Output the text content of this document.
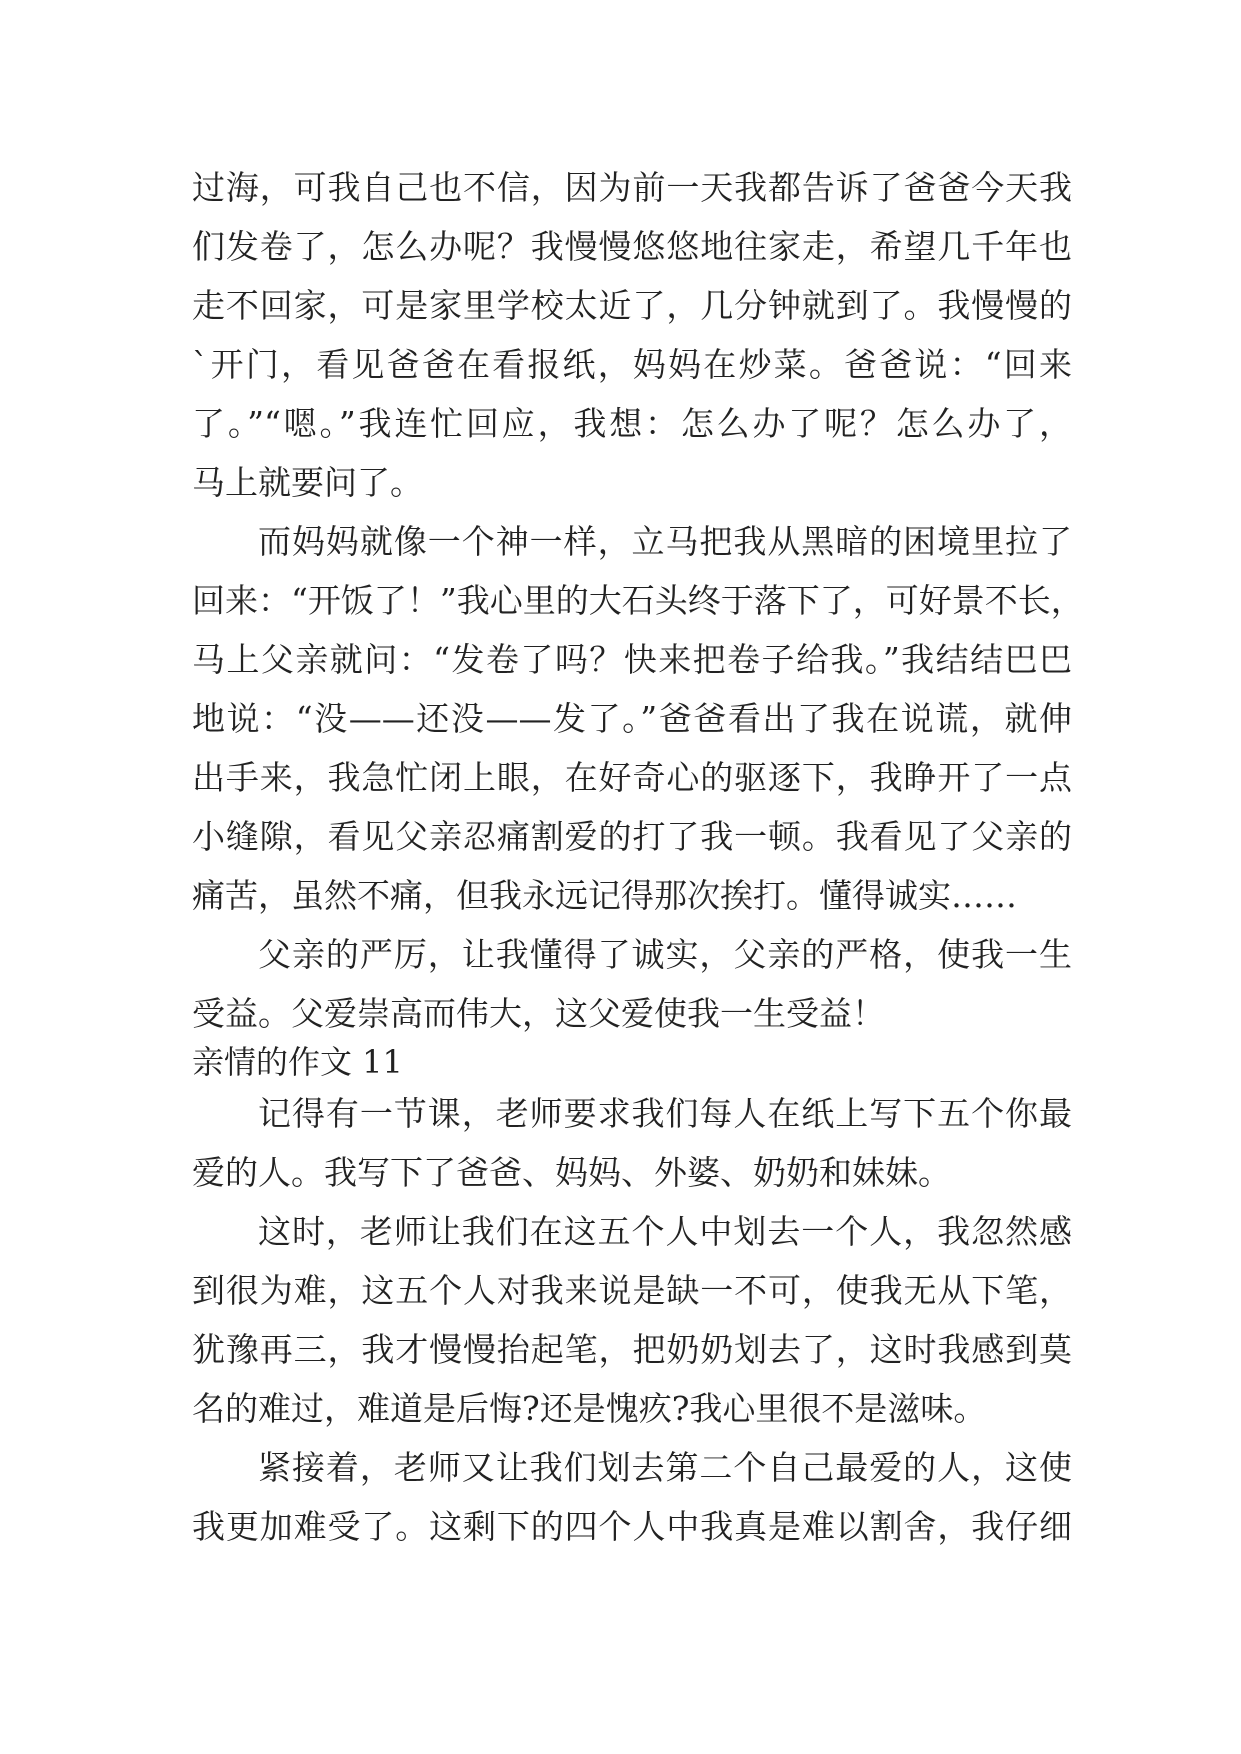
过海，可我自己也不信，因为前一天我都告诉了爸爸今天我
们发卷了，怎么办呢？我慢慢悠悠地往家走，希望几千年也
走不回家，可是家里学校太近了，几分钟就到了。我慢慢的
`开门，看见爸爸在看报纸，妈妈在炒菜。爸爸说：“回来
了。”“嗯。”我连忙回应，我想：怎么办了呢？怎么办了，
马上就要问了。
而妈妈就像一个神一样，立马把我从黑暗的困境里拉了
回来：“开饭了！”我心里的大石头终于落下了，可好景不长，
马上父亲就问：“发卷了吗？快来把卷子给我。”我结结巴巴
地说：“没——还没——发了。”爸爸看出了我在说谎，就伸
出手来，我急忙闭上眼，在好奇心的驱逐下，我睁开了一点
小缝隙，看见父亲忍痛割爱的打了我一顿。我看见了父亲的
痛苦，虽然不痛，但我永远记得那次挨打。懂得诚实……
父亲的严厉，让我懂得了诚实，父亲的严格，使我一生
受益。父爱崇高而伟大，这父爱使我一生受益！
亲情的作文 11
记得有一节课，老师要求我们每人在纸上写下五个你最
爱的人。我写下了爸爸、妈妈、外婆、奶奶和妹妹。
这时，老师让我们在这五个人中划去一个人，我忽然感
到很为难，这五个人对我来说是缺一不可，使我无从下笔，
犹豫再三，我才慢慢抬起笔，把奶奶划去了，这时我感到莫
名的难过，难道是后悔?还是愧疚?我心里很不是滋味。
紧接着，老师又让我们划去第二个自己最爱的人，这使
我更加难受了。这剩下的四个人中我真是难以割舍，我仔细
